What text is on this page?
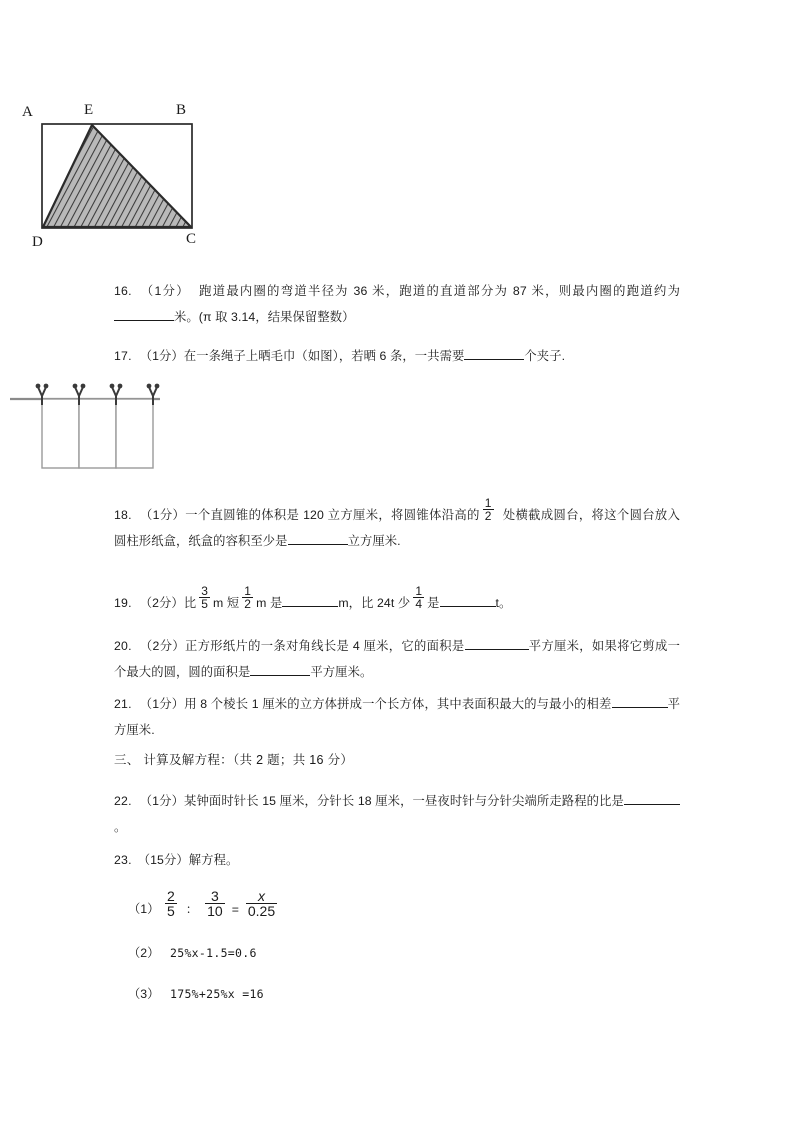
A	E	B
D	C
16. （1分） 跑道最内圈的弯道半径为 36 米，跑道的直道部分为 87 米，则最内圈的跑道约为米。(π 取 3.14，结果保留整数）
17. （1分）在一条绳子上晒毛巾（如图），若晒 6 条，一共需要	个夹子.
18. （1分）一个直圆锥的体积是 120 立方厘米，将圆锥体沿高的 $\frac{1}{2}$ 处横截成圆台，将这个圆台放入圆柱形纸盒，纸盒的容积至少是	立方厘米.
19. （2分）比 $\frac{3}{5}$ m 短 $\frac{1}{2}$ m 是	m，比 24t 少 $\frac{1}{4}$ 是	t。
20. （2分）正方形纸片的一条对角线长是 4 厘米，它的面积是	平方厘米，如果将它剪成一个最大的圆，圆的面积是	平方厘米。
21. （1分）用 8 个棱长 1 厘米的立方体拼成一个长方体，其中表面积最大的与最小的相差	平方厘米.
三、 计算及解方程：（共 2 题；共 16 分）
22. （1分）某钟面时针长 15 厘米，分针长 18 厘米，一昼夜时针与分针尖端所走路程的比是。
23. （15分）解方程。
$(1) \frac{2}{5}$ ： $\frac{3}{10} = \frac{x}{0.25}$
（2） 25%x-1.5=0.6
（3） 175%+25%x =16
